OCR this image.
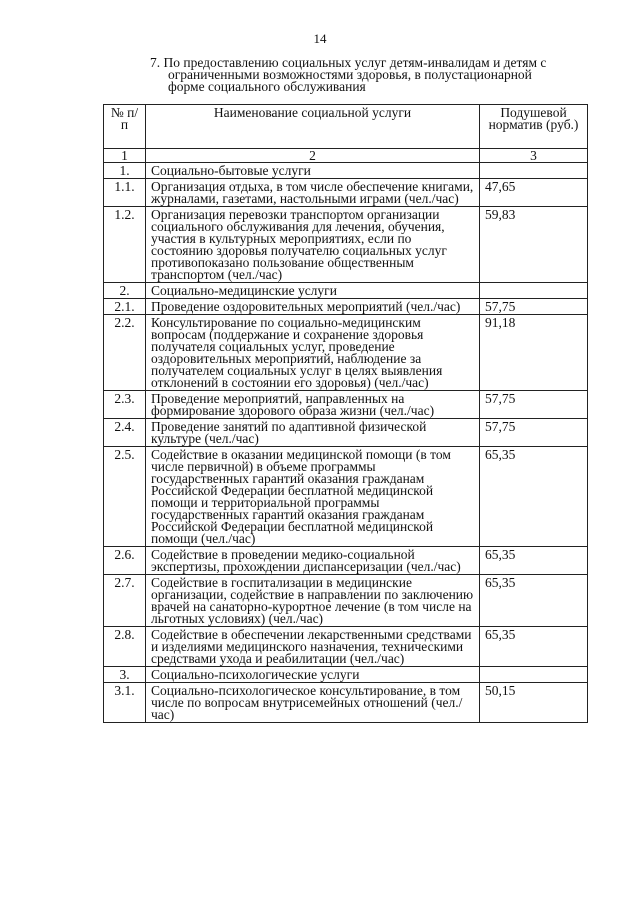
14
7. По предоставлению социальных услуг детям-инвалидам и детям с
ограниченными возможностями здоровья, в полустационарной
форме социального обслуживания
№ п/п	Наименование социальной услуги	Подушевой норматив (руб.)
1	2	3
1.	Социально-бытовые услуги	
1.1.	Организация отдыха, в том числе обеспечение книгами, журналами, газетами, настольными играми (чел./час)	47,65
1.2.	Организация перевозки транспортом организации социального обслуживания для лечения, обучения, участия в культурных мероприятиях, если по состоянию здоровья получателю социальных услуг противопоказано пользование общественным транспортом (чел./час)	59,83
2.	Социально-медицинские услуги	
2.1.	Проведение оздоровительных мероприятий (чел./час)	57,75
2.2.	Консультирование по социально-медицинским вопросам (поддержание и сохранение здоровья получателя социальных услуг, проведение оздоровительных мероприятий, наблюдение за получателем социальных услуг в целях выявления отклонений в состоянии его здоровья) (чел./час)	91,18
2.3.	Проведение мероприятий, направленных на формирование здорового образа жизни (чел./час)	57,75
2.4.	Проведение занятий по адаптивной физической культуре (чел./час)	57,75
2.5.	Содействие в оказании медицинской помощи (в том числе первичной) в объеме программы государственных гарантий оказания гражданам Российской Федерации бесплатной медицинской помощи и территориальной программы государственных гарантий оказания гражданам Российской Федерации бесплатной медицинской помощи (чел./час)	65,35
2.6.	Содействие в проведении медико-социальной экспертизы, прохождении диспансеризации (чел./час)	65,35
2.7.	Содействие в госпитализации в медицинские организации, содействие в направлении по заключению врачей на санаторно-курортное лечение (в том числе на льготных условиях) (чел./час)	65,35
2.8.	Содействие в обеспечении лекарственными средствами и изделиями медицинского назначения, техническими средствами ухода и реабилитации (чел./час)	65,35
3.	Социально-психологические услуги	
3.1.	Социально-психологическое консультирование, в том числе по вопросам внутрисемейных отношений (чел./час)	50,15
